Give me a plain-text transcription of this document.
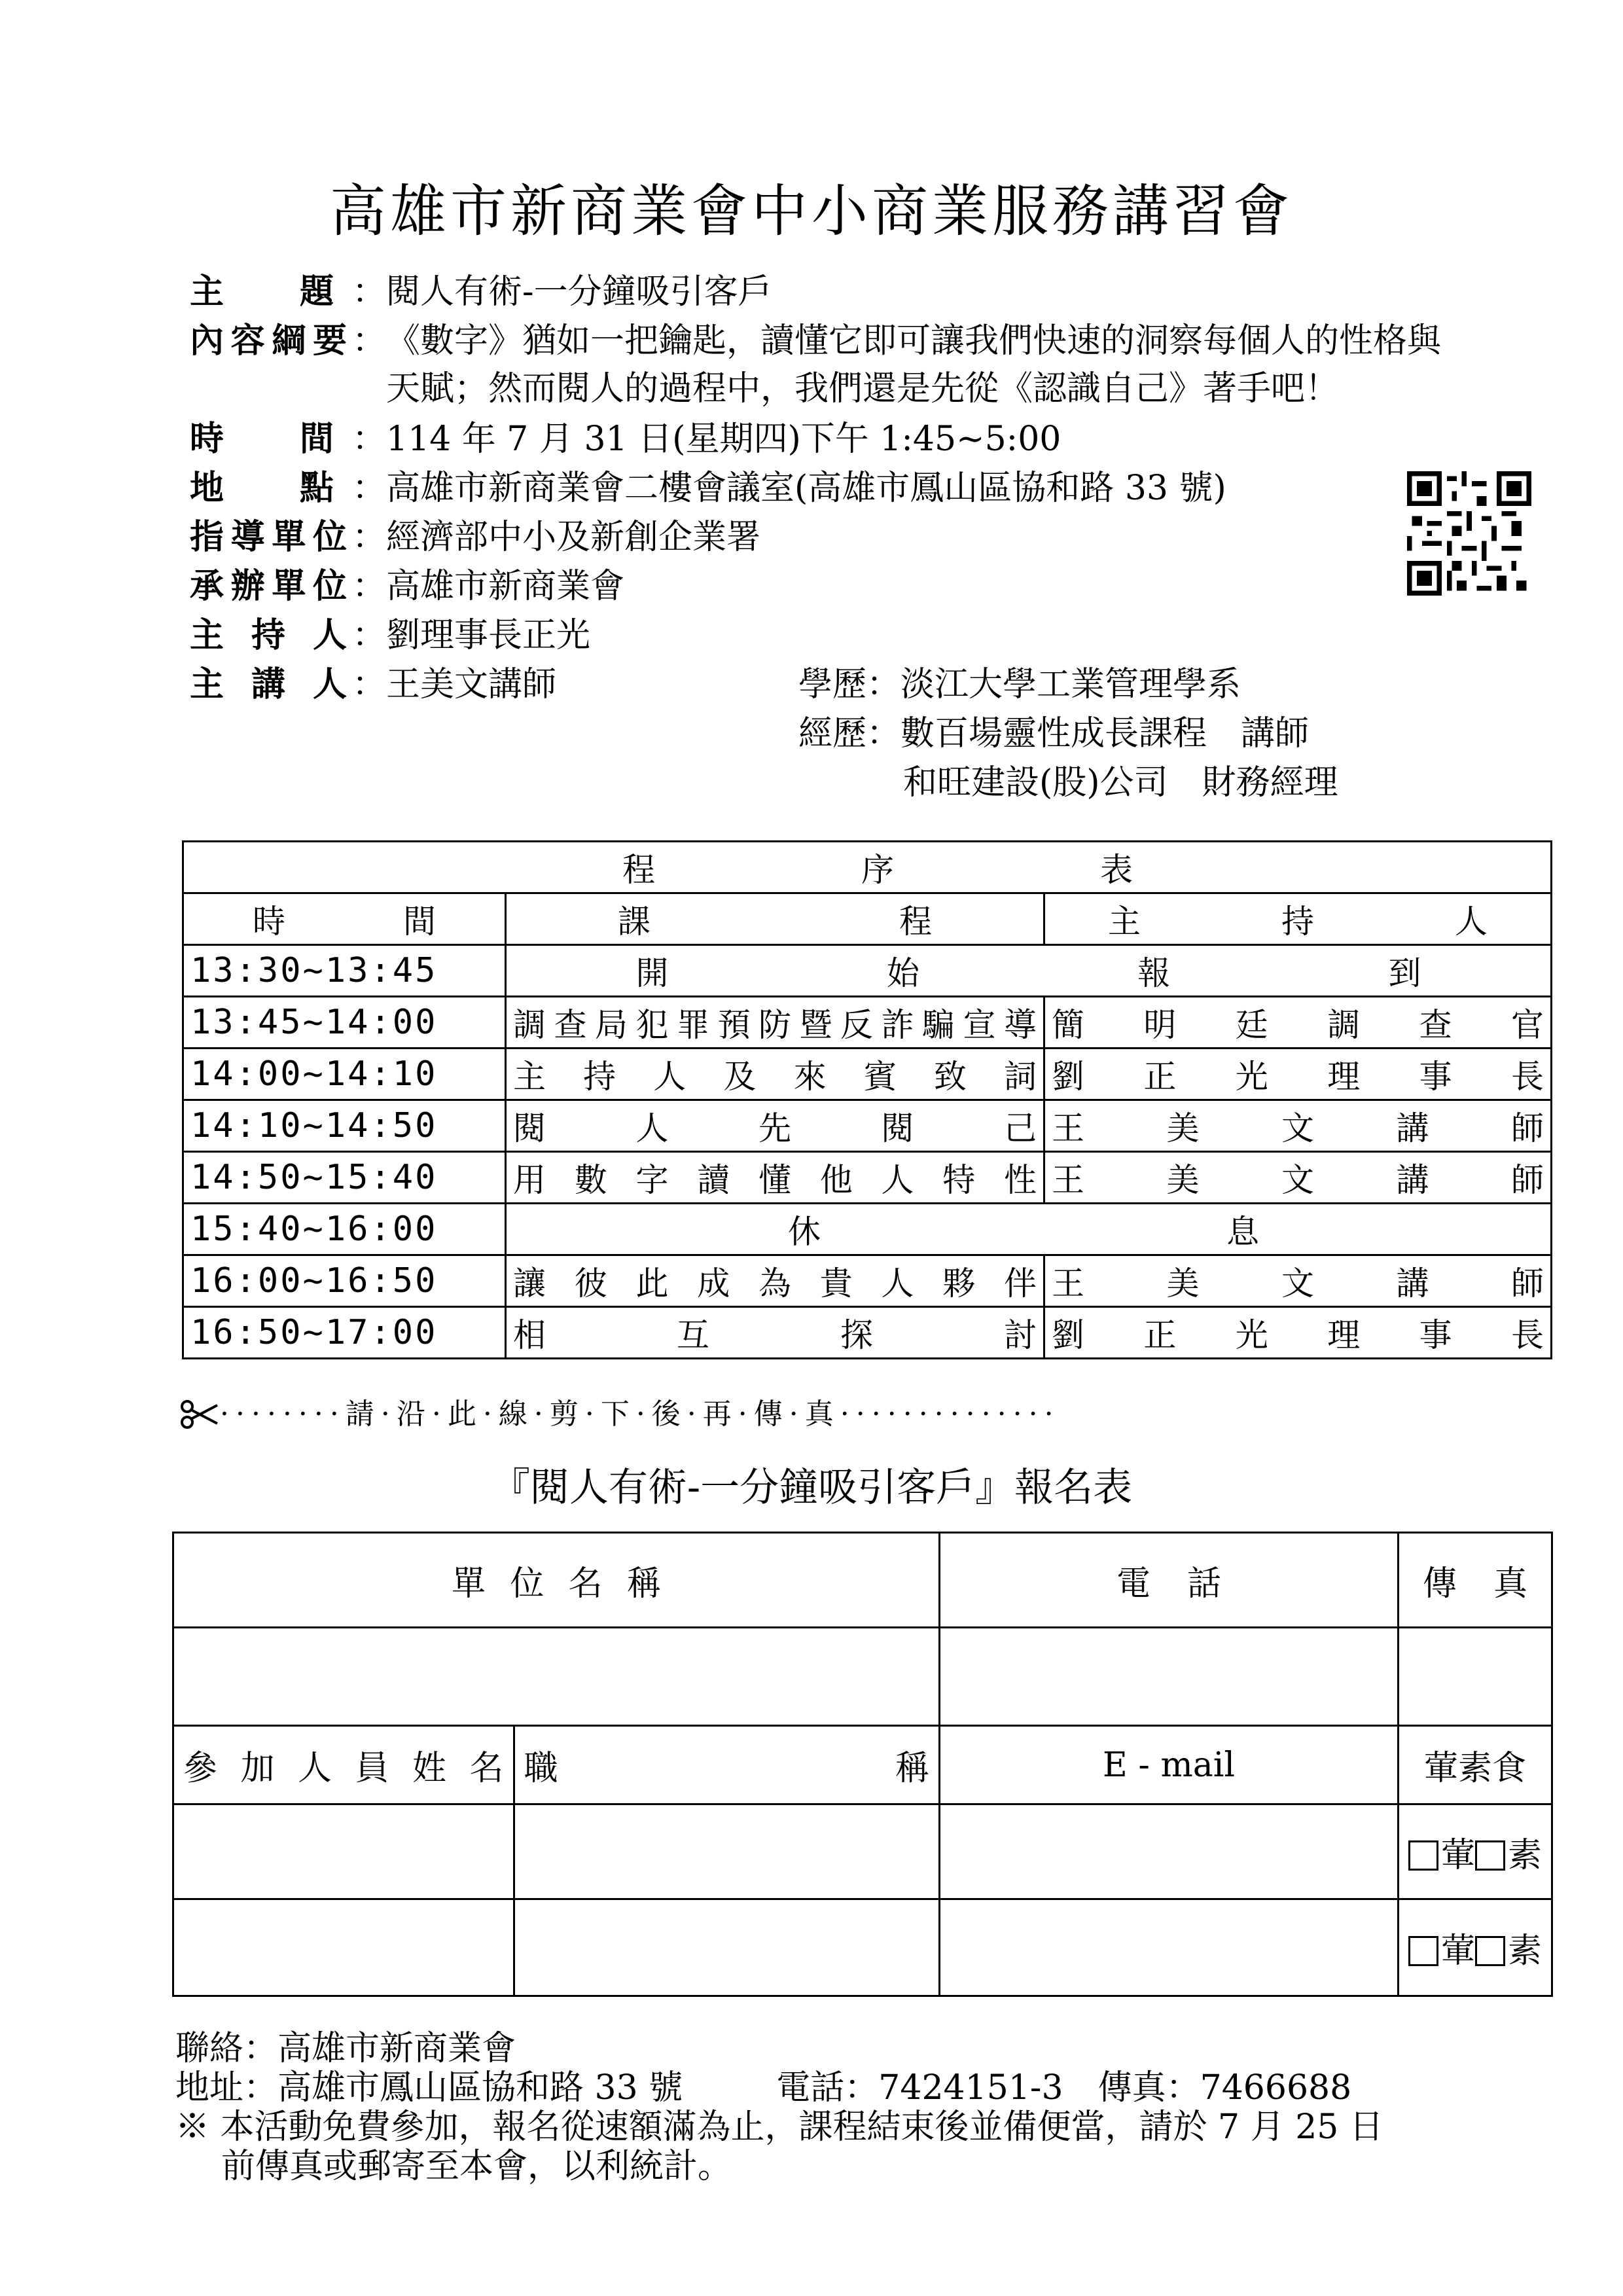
高雄市新商業會中小商業服務講習會
主題 ： 閱人有術-一分鐘吸引客戶
內容綱要 ： 《數字》猶如一把鑰匙，讀懂它即可讓我們快速的洞察每個人的性格與
天賦；然而閱人的過程中，我們還是先從《認識自己》著手吧！
時間 ： 114 年 7 月 31 日(星期四)下午 1:45~5:00
地點 ： 高雄市新商業會二樓會議室(高雄市鳳山區協和路 33 號)
指導單位 ： 經濟部中小及新創企業署
承辦單位 ： 高雄市新商業會
主持人 ： 劉理事長正光
主講人 ： 王美文講師	學歷：淡江大學工業管理學系
經歷：數百場靈性成長課程　講師
和旺建設(股)公司　財務經理
程序表		

時間	課程	主持人

13:30~13:45	開始報到	

13:45~14:00	調查局犯罪預防暨反詐騙宣導	簡明廷調查官

14:00~14:10	主持人及來賓致詞	劉正光理事長

14:10~14:50	閱人先閱己	王美文講師

14:50~15:40	用數字讀懂他人特性	王美文講師

15:40~16:00	休息	

16:00~16:50	讓彼此成為貴人夥伴	王美文講師

16:50~17:00	相互探討	劉正光理事長
········請·沿·此·線·剪·下·後·再·傳·真··············
『閱人有術-一分鐘吸引客戶』報名表
單位名稱		電話	傳真

參加人員姓名	職稱	E - mail	葷素食
			葷 素
			葷 素
聯絡：高雄市新商業會
地址：高雄市鳳山區協和路 33 號	電話：7424151-3 傳真：7466688
※ 本活動免費參加，報名從速額滿為止，課程結束後並備便當，請於 7 月 25 日
前傳真或郵寄至本會，以利統計。
